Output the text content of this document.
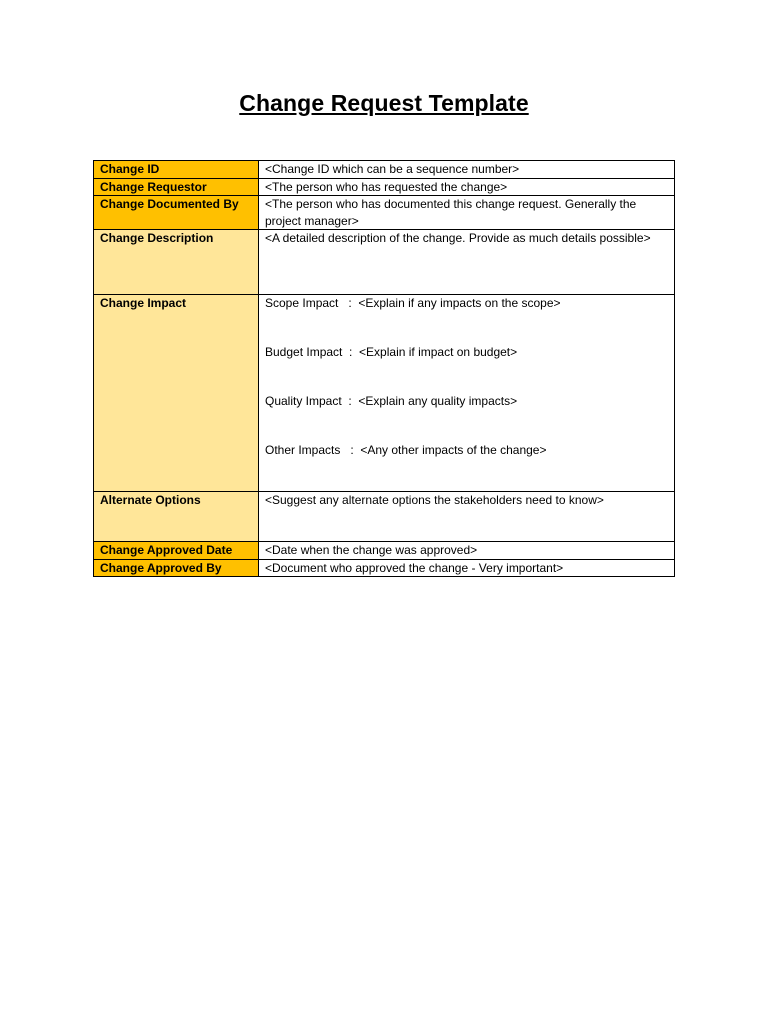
Change Request Template
Change ID	<Change ID which can be a sequence number>
Change Requestor	<The person who has requested the change>
Change Documented By	<The person who has documented this change request. Generally the project manager>
Change Description	<A detailed description of the change. Provide as much details possible>
Change Impact	Scope Impact   :  <Explain if any impacts on the scope>
Budget Impact  :  <Explain if impact on budget>
Quality Impact  :  <Explain any quality impacts>
Other Impacts   :  <Any other impacts of the change>

Alternate Options	<Suggest any alternate options the stakeholders need to know>
Change Approved Date	<Date when the change was approved>
Change Approved By	<Document who approved the change - Very important>
